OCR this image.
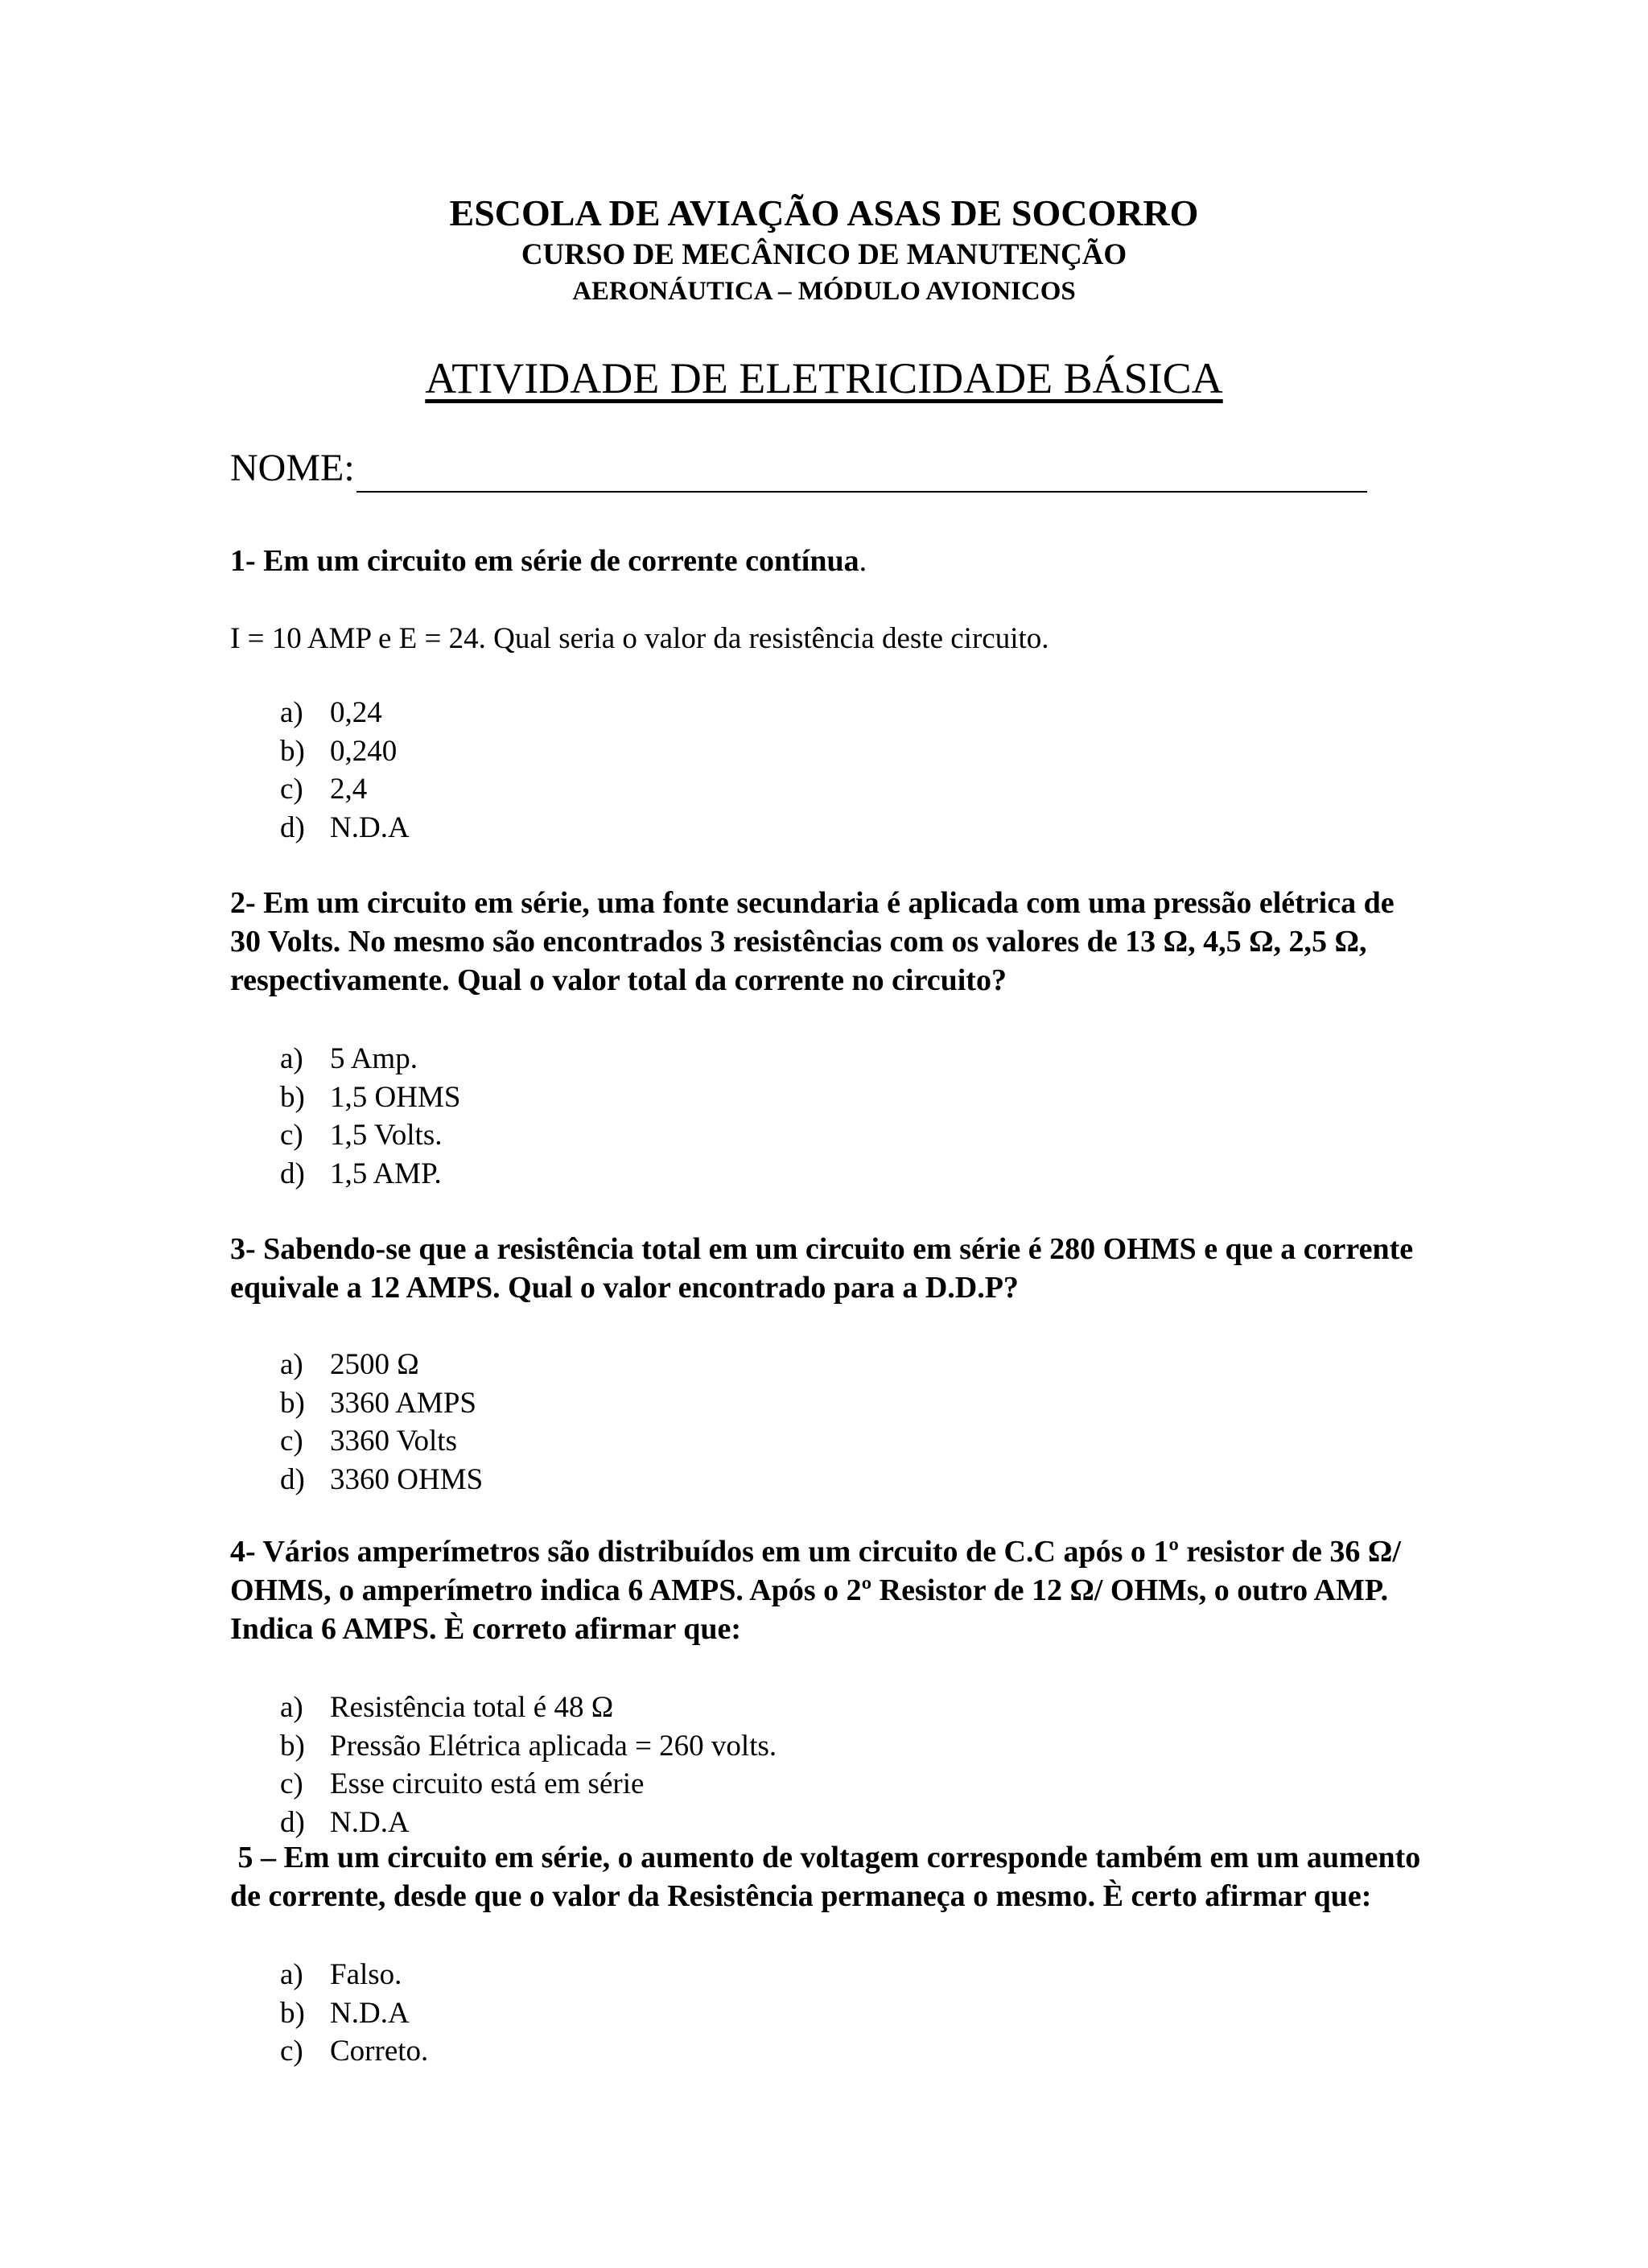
ESCOLA DE AVIAÇÃO ASAS DE SOCORRO
CURSO DE MECÂNICO DE MANUTENÇÃO
AERONÁUTICA – MÓDULO AVIONICOS
ATIVIDADE DE ELETRICIDADE BÁSICA
NOME:
1- Em um circuito em série de corrente contínua.
I = 10 AMP e E = 24. Qual seria o valor da resistência deste circuito.
a) 0,24
b) 0,240
c) 2,4
d) N.D.A
2- Em um circuito em série, uma fonte secundaria é aplicada com uma pressão elétrica de 30 Volts. No mesmo são encontrados 3 resistências com os valores de 13 Ω, 4,5 Ω, 2,5 Ω, respectivamente. Qual o valor total da corrente no circuito?
a) 5 Amp.
b) 1,5 OHMS
c) 1,5 Volts.
d) 1,5 AMP.
3- Sabendo-se que a resistência total em um circuito em série é 280 OHMS e que a corrente equivale a 12 AMPS. Qual o valor encontrado para a D.D.P?
a) 2500 Ω
b) 3360 AMPS
c) 3360 Volts
d) 3360 OHMS
4- Vários amperímetros são distribuídos em um circuito de C.C após o 1º resistor de 36 Ω/ OHMS, o amperímetro indica 6 AMPS. Após o 2º Resistor de 12 Ω/ OHMs, o outro AMP. Indica 6 AMPS. È correto afirmar que:
a) Resistência total é 48 Ω
b) Pressão Elétrica aplicada = 260 volts.
c) Esse circuito está em série
d) N.D.A
5 – Em um circuito em série, o aumento de voltagem corresponde também em um aumento de corrente, desde que o valor da Resistência permaneça o mesmo. È certo afirmar que:
a) Falso.
b) N.D.A
c) Correto.
